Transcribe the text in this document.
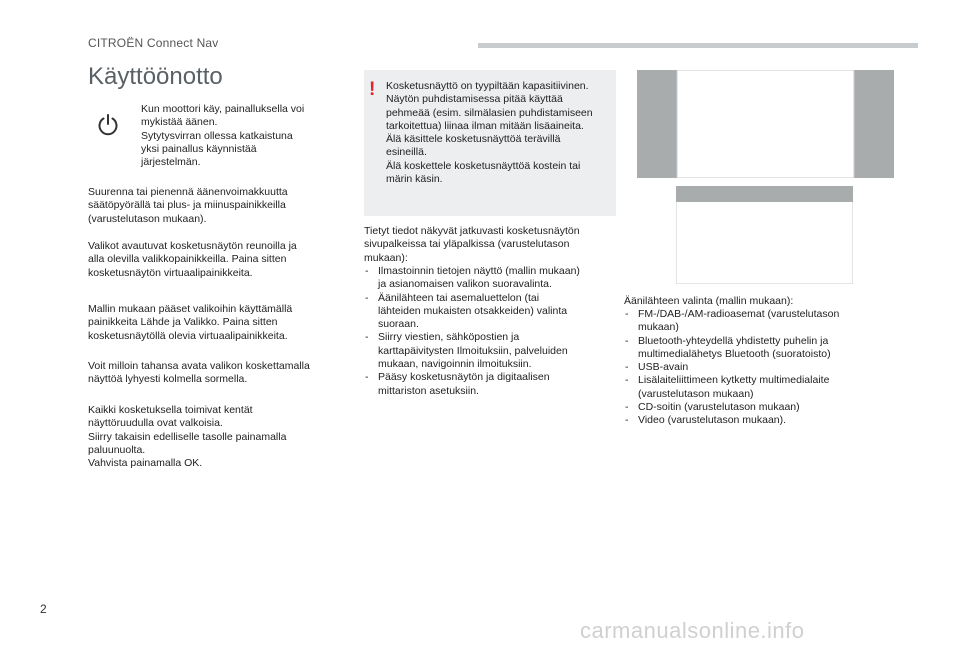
CITROËN Connect Nav
Käyttöönotto
Kun moottori käy, painalluksella voi
mykistää äänen.
Sytytysvirran ollessa katkaistuna
yksi painallus käynnistää
järjestelmän.
Suurenna tai pienennä äänenvoimakkuutta
säätöpyörällä tai plus- ja miinuspainikkeilla
(varustelutason mukaan).
Valikot avautuvat kosketusnäytön reunoilla ja
alla olevilla valikkopainikkeilla. Paina sitten
kosketusnäytön virtuaalipainikkeita.
Mallin mukaan pääset valikoihin käyttämällä
painikkeita Lähde ja Valikko. Paina sitten
kosketusnäytöllä olevia virtuaalipainikkeita.
Voit milloin tahansa avata valikon koskettamalla
näyttöä lyhyesti kolmella sormella.
Kaikki kosketuksella toimivat kentät
näyttöruudulla ovat valkoisia.
Siirry takaisin edelliselle tasolle painamalla
paluunuolta.
Vahvista painamalla OK.
! Kosketusnäyttö on tyypiltään kapasitiivinen.
Näytön puhdistamisessa pitää käyttää
pehmeää (esim. silmälasien puhdistamiseen
tarkoitettua) liinaa ilman mitään lisäaineita.
Älä käsittele kosketusnäyttöä terävillä
esineillä.
Älä koskettele kosketusnäyttöä kostein tai
märin käsin.
Tietyt tiedot näkyvät jatkuvasti kosketusnäytön
sivupalkeissa tai yläpalkissa (varustelutason
mukaan):
- Ilmastoinnin tietojen näyttö (mallin mukaan)
ja asianomaisen valikon suoravalinta.
- Äänilähteen tai asemaluettelon (tai
lähteiden mukaisten otsakkeiden) valinta
suoraan.
- Siirry viestien, sähköpostien ja
karttapäivitysten Ilmoituksiin, palveluiden
mukaan, navigoinnin ilmoituksiin.
- Pääsy kosketusnäytön ja digitaalisen
mittariston asetuksiin.
Äänilähteen valinta (mallin mukaan):
- FM-/DAB-/AM-radioasemat (varustelutason
mukaan)
- Bluetooth-yhteydellä yhdistetty puhelin ja
multimedialähetys Bluetooth (suoratoisto)
- USB-avain
- Lisälaiteliittimeen kytketty multimedialaite
(varustelutason mukaan)
- CD-soitin (varustelutason mukaan)
- Video (varustelutason mukaan).
2
carmanualsonline.info
